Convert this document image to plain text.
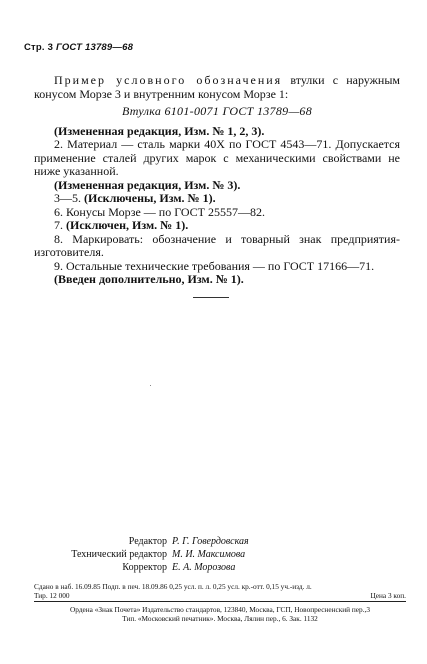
Стр. 3 ГОСТ 13789—68

Пример условного обозначения втулки с наружным конусом Морзе 3 и внутренним конусом Морзе 1:

Втулка 6101-0071 ГОСТ 13789—68

(Измененная редакция, Изм. № 1, 2, 3).

2. Материал — сталь марки 40Х по ГОСТ 4543—71. Допускается применение сталей других марок с механическими свойствами не ниже указанной.

(Измененная редакция, Изм. № 3).

3—5. (Исключены, Изм. № 1).

6. Конусы Морзе — по ГОСТ 25557—82.

7. (Исключен, Изм. № 1).

8. Маркировать: обозначение и товарный знак предприятия-изготовителя.

9. Остальные технические требования — по ГОСТ 17166—71.

(Введен дополнительно, Изм. № 1).

Редактор Р. Г. Говердовская
Технический редактор М. И. Максимова
Корректор Е. А. Морозова
Сдано в наб. 16.09.85 Подп. в печ. 18.09.86 0,25 усл. п. л. 0,25 усл. кр.-отт. 0,15 уч.-изд. л.
Тир. 12 000	Цена 3 коп.
Ордена «Знак Почета» Издательство стандартов, 123840, Москва, ГСП, Новопресненский пер.,3
Тип. «Московский печатник». Москва, Лялин пер., 6. Зак. 1132
